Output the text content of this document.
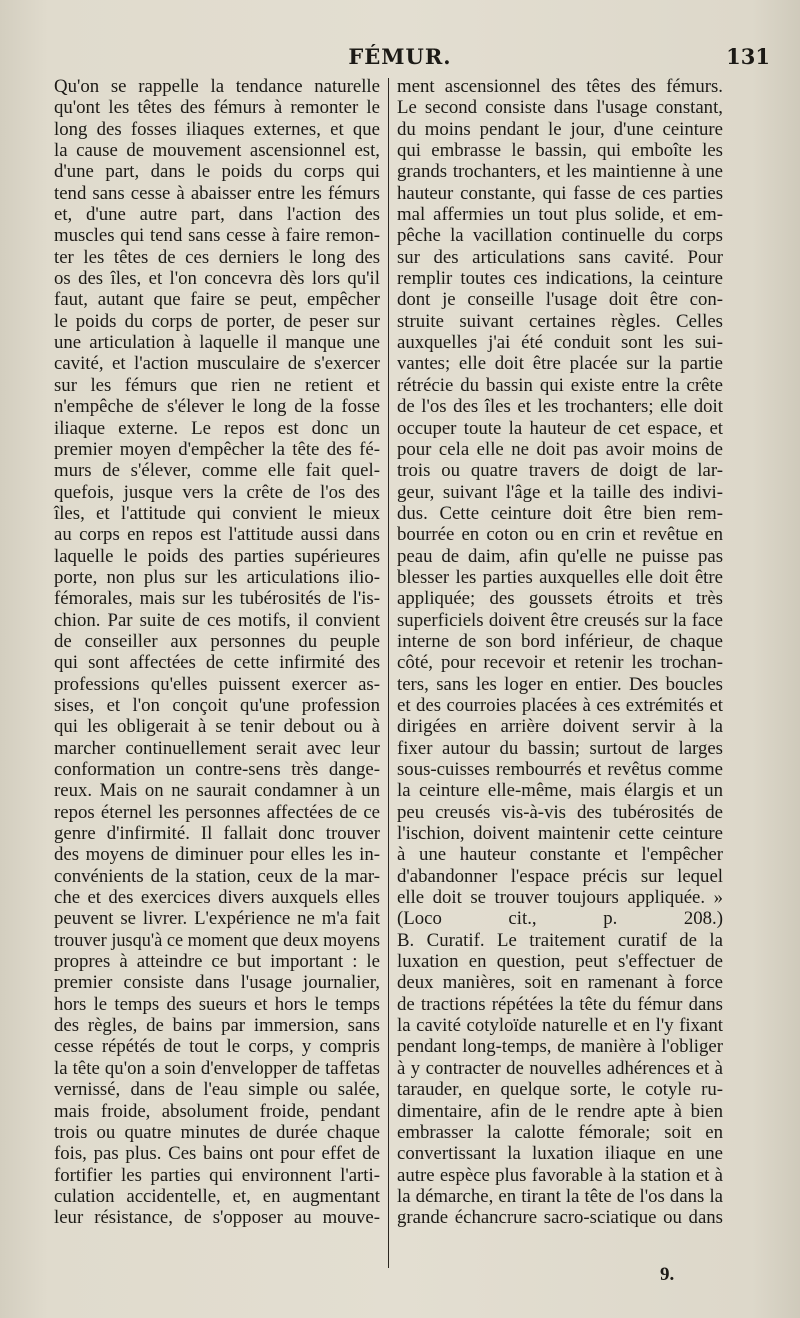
FÉMUR.	131
Qu'on se rappelle la tendance naturelle
qu'ont les têtes des fémurs à remonter le
long des fosses iliaques externes, et que
la cause de mouvement ascensionnel est,
d'une part, dans le poids du corps qui
tend sans cesse à abaisser entre les fémurs
et, d'une autre part, dans l'action des
muscles qui tend sans cesse à faire remon-
ter les têtes de ces derniers le long des
os des îles, et l'on concevra dès lors qu'il
faut, autant que faire se peut, empêcher
le poids du corps de porter, de peser sur
une articulation à laquelle il manque une
cavité, et l'action musculaire de s'exercer
sur les fémurs que rien ne retient et
n'empêche de s'élever le long de la fosse
iliaque externe. Le repos est donc un
premier moyen d'empêcher la tête des fé-
murs de s'élever, comme elle fait quel-
quefois, jusque vers la crête de l'os des
îles, et l'attitude qui convient le mieux
au corps en repos est l'attitude aussi dans
laquelle le poids des parties supérieures
porte, non plus sur les articulations ilio-
fémorales, mais sur les tubérosités de l'is-
chion. Par suite de ces motifs, il convient
de conseiller aux personnes du peuple
qui sont affectées de cette infirmité des
professions qu'elles puissent exercer as-
sises, et l'on conçoit qu'une profession
qui les obligerait à se tenir debout ou à
marcher continuellement serait avec leur
conformation un contre-sens très dange-
reux. Mais on ne saurait condamner à un
repos éternel les personnes affectées de ce
genre d'infirmité. Il fallait donc trouver
des moyens de diminuer pour elles les in-
convénients de la station, ceux de la mar-
che et des exercices divers auxquels elles
peuvent se livrer. L'expérience ne m'a fait
trouver jusqu'à ce moment que deux moyens
propres à atteindre ce but important : le
premier consiste dans l'usage journalier,
hors le temps des sueurs et hors le temps
des règles, de bains par immersion, sans
cesse répétés de tout le corps, y compris
la tête qu'on a soin d'envelopper de taffetas
vernissé, dans de l'eau simple ou salée,
mais froide, absolument froide, pendant
trois ou quatre minutes de durée chaque
fois, pas plus. Ces bains ont pour effet de
fortifier les parties qui environnent l'arti-
culation accidentelle, et, en augmentant
leur résistance, de s'opposer au mouve-
ment ascensionnel des têtes des fémurs.
Le second consiste dans l'usage constant,
du moins pendant le jour, d'une ceinture
qui embrasse le bassin, qui emboîte les
grands trochanters, et les maintienne à une
hauteur constante, qui fasse de ces parties
mal affermies un tout plus solide, et em-
pêche la vacillation continuelle du corps
sur des articulations sans cavité. Pour
remplir toutes ces indications, la ceinture
dont je conseille l'usage doit être con-
struite suivant certaines règles. Celles
auxquelles j'ai été conduit sont les sui-
vantes; elle doit être placée sur la partie
rétrécie du bassin qui existe entre la crête
de l'os des îles et les trochanters; elle doit
occuper toute la hauteur de cet espace, et
pour cela elle ne doit pas avoir moins de
trois ou quatre travers de doigt de lar-
geur, suivant l'âge et la taille des indivi-
dus. Cette ceinture doit être bien rem-
bourrée en coton ou en crin et revêtue en
peau de daim, afin qu'elle ne puisse pas
blesser les parties auxquelles elle doit être
appliquée; des goussets étroits et très
superficiels doivent être creusés sur la face
interne de son bord inférieur, de chaque
côté, pour recevoir et retenir les trochan-
ters, sans les loger en entier. Des boucles
et des courroies placées à ces extrémités et
dirigées en arrière doivent servir à la
fixer autour du bassin; surtout de larges
sous-cuisses rembourrés et revêtus comme
la ceinture elle-même, mais élargis et un
peu creusés vis-à-vis des tubérosités de
l'ischion, doivent maintenir cette ceinture
à une hauteur constante et l'empêcher
d'abandonner l'espace précis sur lequel
elle doit se trouver toujours appliquée. »
(Loco cit., p. 208.)
B. Curatif. Le traitement curatif de la
luxation en question, peut s'effectuer de
deux manières, soit en ramenant à force
de tractions répétées la tête du fémur dans
la cavité cotyloïde naturelle et en l'y fixant
pendant long-temps, de manière à l'obliger
à y contracter de nouvelles adhérences et à
tarauder, en quelque sorte, le cotyle ru-
dimentaire, afin de le rendre apte à bien
embrasser la calotte fémorale; soit en
convertissant la luxation iliaque en une
autre espèce plus favorable à la station et à
la démarche, en tirant la tête de l'os dans la
grande échancrure sacro-sciatique ou dans
9.
